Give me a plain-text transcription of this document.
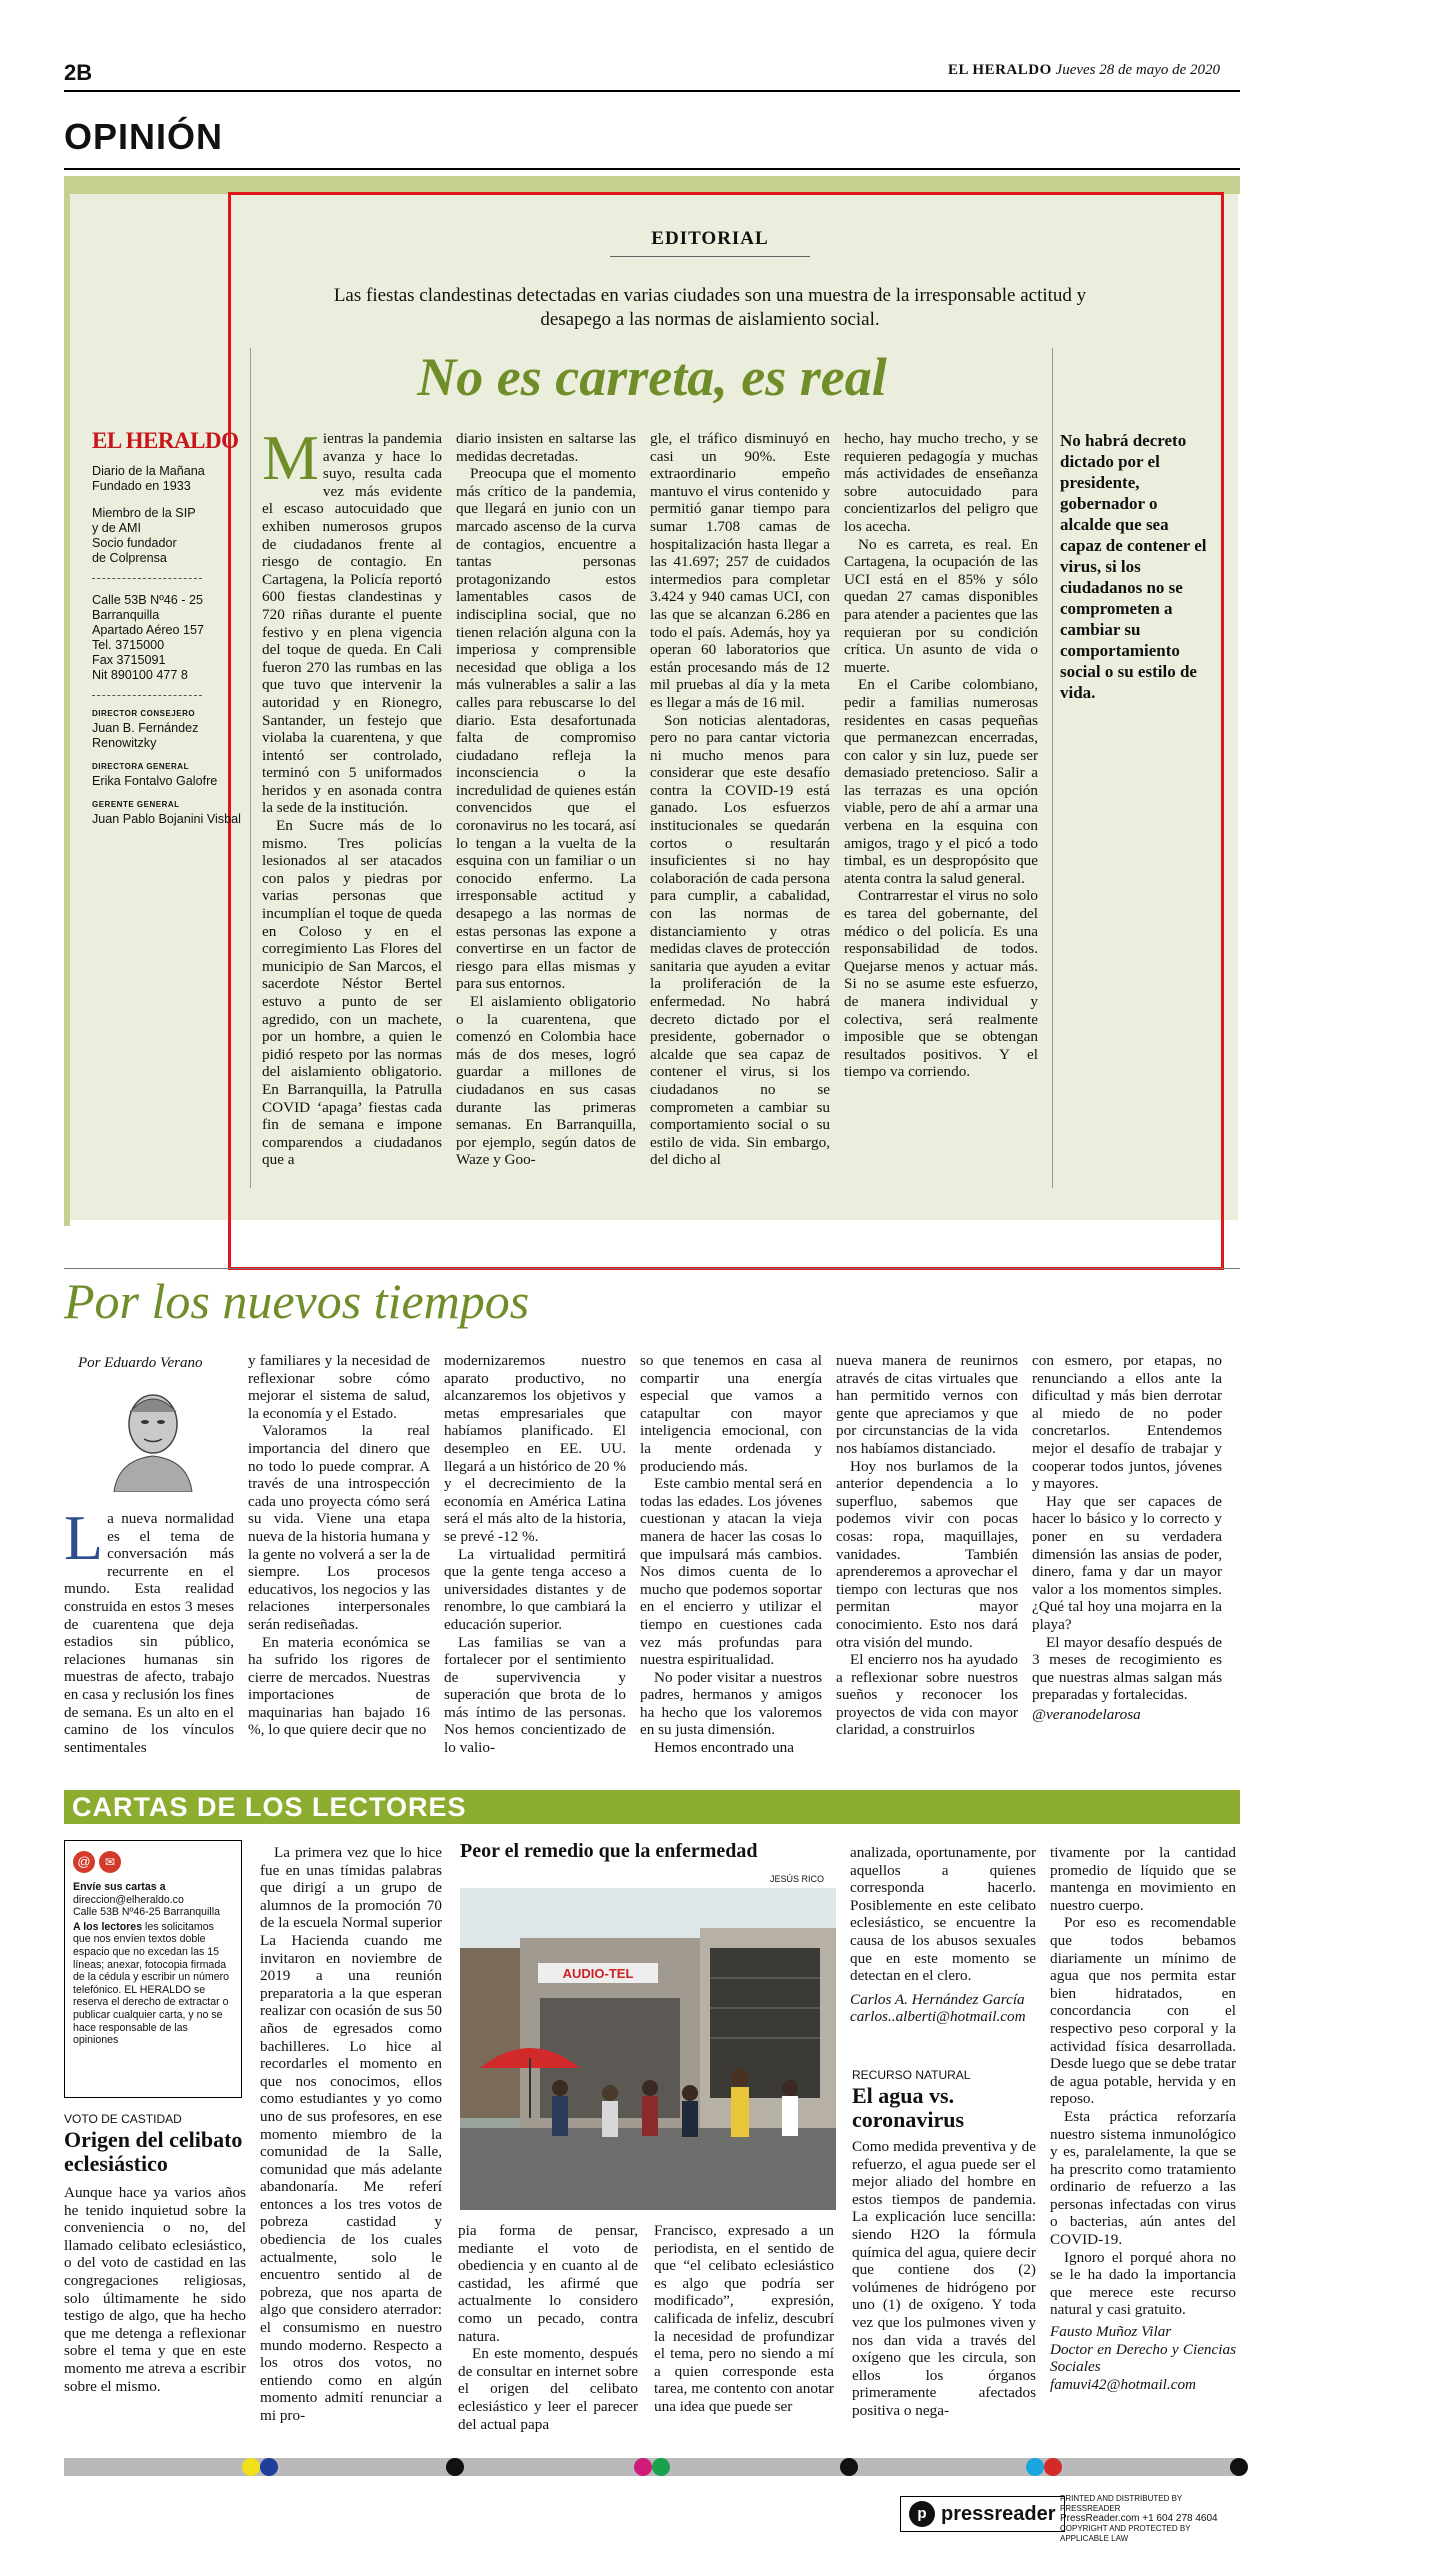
2B	EL HERALDO Jueves 28 de mayo de 2020
OPINIÓN
EL HERALDO

Diario de la Mañana

Fundado en 1933

Miembro de la SIP

y de AMI

Socio fundador

de Colprensa

Calle 53B Nº46 - 25

Barranquilla

Apartado Aéreo 157

Tel. 3715000

Fax 3715091

Nit 890100 477 8

DIRECTOR CONSEJERO

Juan B. Fernández Renowitzky

DIRECTORA GENERAL

Erika Fontalvo Galofre

GERENTE GENERAL

Juan Pablo Bojanini Visbal

EDITORIAL
Las fiestas clandestinas detectadas en varias ciudades son una muestra de la irresponsable actitud y desapego a las normas de aislamiento social.
No es carreta, es real

Mientras la pandemia avanza y hace lo suyo, resulta cada vez más evidente el escaso autocuidado que exhiben numerosos grupos de ciudadanos frente al riesgo de contagio. En Cartagena, la Policía reportó 600 fiestas clandestinas y 720 riñas durante el puente festivo y en plena vigencia del toque de queda. En Cali fueron 270 las rumbas en las que tuvo que intervenir la autoridad y en Rionegro, Santander, un festejo que violaba la cuarentena, y que intentó ser controlado, terminó con 5 uniformados heridos y en asonada contra la sede de la institución.

En Sucre más de lo mismo. Tres policías lesionados al ser atacados con palos y piedras por varias personas que incumplían el toque de queda en Coloso y en el corregimiento Las Flores del municipio de San Marcos, el sacerdote Néstor Bertel estuvo a punto de ser agredido, con un machete, por un hombre, a quien le pidió respeto por las normas del aislamiento obligatorio. En Barranquilla, la Patrulla COVID ‘apaga’ fiestas cada fin de semana e impone comparendos a ciudadanos que a

diario insisten en saltarse las medidas decretadas.

Preocupa que el momento más crítico de la pandemia, que llegará en junio con un marcado ascenso de la curva de contagios, encuentre a tantas personas protagonizando estos lamentables casos de indisciplina social, que no tienen relación alguna con la imperiosa y comprensible necesidad que obliga a los más vulnerables a salir a las calles para rebuscarse lo del diario. Esta desafortunada falta de compromiso ciudadano refleja la inconsciencia o la incredulidad de quienes están convencidos que el coronavirus no les tocará, así lo tengan a la vuelta de la esquina con un familiar o un conocido enfermo. La irresponsable actitud y desapego a las normas de estas personas las expone a convertirse en un factor de riesgo para ellas mismas y para sus entornos.

El aislamiento obligatorio o la cuarentena, que comenzó en Colombia hace más de dos meses, logró guardar a millones de ciudadanos en sus casas durante las primeras semanas. En Barranquilla, por ejemplo, según datos de Waze y Goo-

gle, el tráfico disminuyó en casi un 90%. Este extraordinario empeño mantuvo el virus contenido y permitió ganar tiempo para sumar 1.708 camas de hospitalización hasta llegar a las 41.697; 257 de cuidados intermedios para completar 3.424 y 940 camas UCI, con las que se alcanzan 6.286 en todo el país. Además, hoy ya operan 60 laboratorios que están procesando más de 12 mil pruebas al día y la meta es llegar a más de 16 mil.

Son noticias alentadoras, pero no para cantar victoria ni mucho menos para considerar que este desafío contra la COVID-19 está ganado. Los esfuerzos institucionales se quedarán cortos o resultarán insuficientes si no hay colaboración de cada persona para cumplir, a cabalidad, con las normas de distanciamiento y otras medidas claves de protección sanitaria que ayuden a evitar la proliferación de la enfermedad. No habrá decreto dictado por el presidente, gobernador o alcalde que sea capaz de contener el virus, si los ciudadanos no se comprometen a cambiar su comportamiento social o su estilo de vida. Sin embargo, del dicho al

hecho, hay mucho trecho, y se requieren pedagogía y muchas más actividades de enseñanza sobre autocuidado para concientizarlos del peligro que los acecha.

No es carreta, es real. En Cartagena, la ocupación de las UCI está en el 85% y sólo quedan 27 camas disponibles para atender a pacientes que las requieran por su condición crítica. Un asunto de vida o muerte.

En el Caribe colombiano, pedir a familias numerosas residentes en casas pequeñas que permanezcan encerradas, con calor y sin luz, puede ser demasiado pretencioso. Salir a las terrazas es una opción viable, pero de ahí a armar una verbena en la esquina con amigos, trago y el picó a todo timbal, es un despropósito que atenta contra la salud general.

Contrarrestar el virus no solo es tarea del gobernante, del médico o del policía. Es una responsabilidad de todos. Quejarse menos y actuar más. Si no se asume este esfuerzo, de manera individual y colectiva, será realmente imposible que se obtengan resultados positivos. Y el tiempo va corriendo.

No habrá decreto dictado por el presidente, gobernador o alcalde que sea capaz de contener el virus, si los ciudadanos no se comprometen a cambiar su comportamiento social o su estilo de vida.
Por los nuevos tiempos
Por Eduardo Verano

La nueva normalidad es el tema de conversación más recurrente en el mundo. Esta realidad construida en estos 3 meses de cuarentena que deja estadios sin público, relaciones humanas sin muestras de afecto, trabajo en casa y reclusión los fines de semana. Es un alto en el camino de los vínculos sentimentales

y familiares y la necesidad de reflexionar sobre cómo mejorar el sistema de salud, la economía y el Estado.

Valoramos la real importancia del dinero que no todo lo puede comprar. A través de una introspección cada uno proyecta cómo será su vida. Viene una etapa nueva de la historia humana y la gente no volverá a ser la de siempre. Los procesos educativos, los negocios y las relaciones interpersonales serán rediseñadas.

En materia económica se ha sufrido los rigores de cierre de mercados. Nuestras importaciones de maquinarias han bajado 16 %, lo que quiere decir que no

modernizaremos nuestro aparato productivo, no alcanzaremos los objetivos y metas empresariales que habíamos planificado. El desempleo en EE. UU. llegará a un histórico de 20 % y el decrecimiento de la economía en América Latina será el más alto de la historia, se prevé -12 %.

La virtualidad permitirá que la gente tenga acceso a universidades distantes y de renombre, lo que cambiará la educación superior.

Las familias se van a fortalecer por el sentimiento de supervivencia y superación que brota de lo más íntimo de las personas. Nos hemos concientizado de lo valio-

so que tenemos en casa al compartir una energía especial que vamos a catapultar con mayor inteligencia emocional, con la mente ordenada y produciendo más.

Este cambio mental será en todas las edades. Los jóvenes cuestionan y atacan la vieja manera de hacer las cosas lo que impulsará más cambios. Nos dimos cuenta de lo mucho que podemos soportar en el encierro y utilizar el tiempo en cuestiones cada vez más profundas para nuestra espiritualidad.

No poder visitar a nuestros padres, hermanos y amigos ha hecho que los valoremos en su justa dimensión.

Hemos encontrado una

nueva manera de reunirnos através de citas virtuales que han permitido vernos con gente que apreciamos y que por circunstancias de la vida nos habíamos distanciado.

Hoy nos burlamos de la anterior dependencia a lo superfluo, sabemos que podemos vivir con pocas cosas: ropa, maquillajes, vanidades. También aprenderemos a aprovechar el tiempo con lecturas que nos permitan mayor conocimiento. Esto nos dará otra visión del mundo.

El encierro nos ha ayudado a reflexionar sobre nuestros sueños y reconocer los proyectos de vida con mayor claridad, a construirlos

con esmero, por etapas, no renunciando a ellos ante la dificultad y más bien derrotar al miedo de no poder concretarlos. Entendemos mejor el desafío de trabajar y cooperar todos juntos, jóvenes y mayores.

Hay que ser capaces de hacer lo básico y lo correcto y poner en su verdadera dimensión las ansias de poder, dinero, fama y dar un mayor valor a los momentos simples. ¿Qué tal hoy una mojarra en la playa?

El mayor desafío después de 3 meses de recogimiento es que nuestras almas salgan más preparadas y fortalecidas.

@veranodelarosa

CARTAS DE LOS LECTORES
@	✉
Envíe sus cartas a
direccion@elheraldo.co
Calle 53B Nº46-25 Barranquilla
A los lectores les solicitamos que nos envíen textos doble espacio que no excedan las 15 líneas; anexar, fotocopia firmada de la cédula y escribir un número telefónico. EL HERALDO se reserva el derecho de extractar o publicar cualquier carta, y no se hace responsable de las opiniones
VOTO DE CASTIDAD
Origen del celibato eclesiástico

Aunque hace ya varios años he tenido inquietud sobre la conveniencia o no, del llamado celibato eclesiástico, o del voto de castidad en las congregaciones religiosas, solo últimamente he sido testigo de algo, que ha hecho que me detenga a reflexionar sobre el tema y que en este momento me atreva a escribir sobre el mismo.

La primera vez que lo hice fue en unas tímidas palabras que dirigí a un grupo de alumnos de la promoción 70 de la escuela Normal superior La Hacienda cuando me invitaron en noviembre de 2019 a una reunión preparatoria a la que esperan realizar con ocasión de sus 50 años de egresados como bachilleres. Lo hice al recordarles el momento en que nos conocimos, ellos como estudiantes y yo como uno de sus profesores, en ese momento miembro de la comunidad de la Salle, comunidad que más adelante abandonaría. Me referí entonces a los tres votos de pobreza castidad y obediencia de los cuales actualmente, solo le encuentro sentido al de pobreza, que nos aparta de algo que considero aterrador: el consumismo en nuestro mundo moderno. Respecto a los otros dos votos, no entiendo como en algún momento admití renunciar a mi pro-

pia forma de pensar, mediante el voto de obediencia y en cuanto al de castidad, les afirmé que actualmente lo considero como un pecado, contra natura.

En este momento, después de consultar en internet sobre el origen del celibato eclesiástico y leer el parecer del actual papa

Francisco, expresado a un periodista, en el sentido de que “el celibato eclesiástico es algo que podría ser modificado”, expresión, calificada de infeliz, descubrí la necesidad de profundizar el tema, pero no siendo a mí a quien corresponde esta tarea, me contento con anotar una idea que puede ser

analizada, oportunamente, por aquellos a quienes corresponda hacerlo. Posiblemente en este celibato eclesiástico, se encuentre la causa de los abusos sexuales que en este momento se detectan en el clero.

Carlos A. Hernández García

carlos..alberti@hotmail.com

Peor el remedio que la enfermedad
JESÚS RICO
AUDIO-TEL
RECURSO NATURAL
El agua vs. coronavirus

Como medida preventiva y de refuerzo, el agua puede ser el mejor aliado del hombre en estos tiempos de pandemia. La explicación luce sencilla: siendo H2O la fórmula química del agua, quiere decir que contiene dos (2) volúmenes de hidrógeno por uno (1) de oxígeno. Y toda vez que los pulmones viven y nos dan vida a través del oxígeno que les circula, son ellos los órganos primeramente afectados positiva o nega-

tivamente por la cantidad promedio de líquido que se mantenga en movimiento en nuestro cuerpo.

Por eso es recomendable que todos bebamos diariamente un mínimo de agua que nos permita estar bien hidratados, en concordancia con el respectivo peso corporal y la actividad física desarrollada. Desde luego que se debe tratar de agua potable, hervida y en reposo.

Esta práctica reforzaría nuestro sistema inmunológico y es, paralelamente, la que se ha prescrito como tratamiento ordinario de refuerzo a las personas infectadas con virus o bacterias, aún antes del COVID-19.

Ignoro el porqué ahora no se le ha dado la importancia que merece este recurso natural y casi gratuito.

Fausto Muñoz Vilar

Doctor en Derecho y Ciencias Sociales

famuvi42@hotmail.com

p pressreader
PRINTED AND DISTRIBUTED BY PRESSREADER
PressReader.com +1 604 278 4604
COPYRIGHT AND PROTECTED BY APPLICABLE LAW
